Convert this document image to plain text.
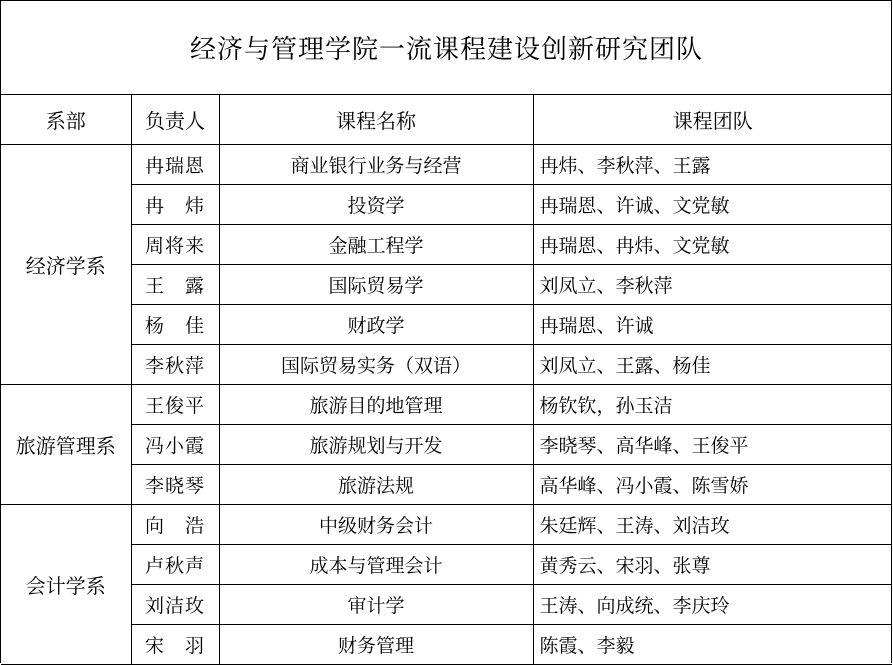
经济与管理学院一流课程建设创新研究团队
系部	负责人	课程名称	课程团队
经济学系	冉瑞恩	商业银行业务与经营	冉炜、李秋萍、王露
	冉　炜	投资学	冉瑞恩、许诚、文党敏
	周将来	金融工程学	冉瑞恩、冉炜、文党敏
	王　露	国际贸易学	刘凤立、李秋萍
	杨　佳	财政学	冉瑞恩、许诚
	李秋萍	国际贸易实务（双语）	刘凤立、王露、杨佳
旅游管理系	王俊平	旅游目的地管理	杨钦钦，孙玉洁
	冯小霞	旅游规划与开发	李晓琴、高华峰、王俊平
	李晓琴	旅游法规	高华峰、冯小霞、陈雪娇
会计学系	向　浩	中级财务会计	朱廷辉、王涛、刘洁玫
	卢秋声	成本与管理会计	黄秀云、宋羽、张尊
	刘洁玫	审计学	王涛、向成统、李庆玲
	宋　羽	财务管理	陈霞、李毅
